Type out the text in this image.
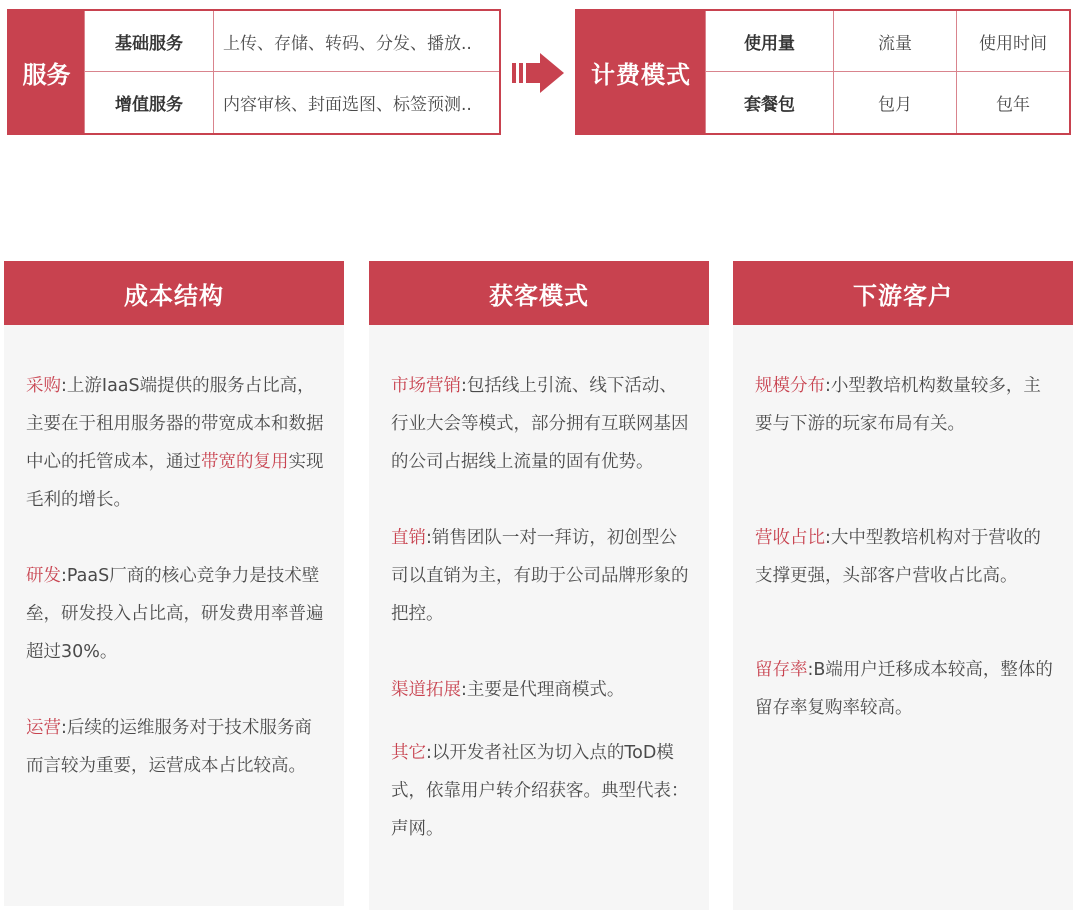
服务
基础服务	上传、存储、转码、分发、播放..
增值服务	内容审核、封面选图、标签预测..
计费模式
使用量	流量	使用时间
套餐包	包月	包年
成本结构
采购:上游IaaS端提供的服务占比高，主要在于租用服务器的带宽成本和数据中心的托管成本，通过带宽的复用实现毛利的增长。
研发:PaaS厂商的核心竞争力是技术壁垒，研发投入占比高，研发费用率普遍超过30%。
运营:后续的运维服务对于技术服务商而言较为重要，运营成本占比较高。
获客模式
市场营销:包括线上引流、线下活动、行业大会等模式，部分拥有互联网基因的公司占据线上流量的固有优势。
直销:销售团队一对一拜访，初创型公司以直销为主，有助于公司品牌形象的把控。
渠道拓展:主要是代理商模式。
其它:以开发者社区为切入点的ToD模式，依靠用户转介绍获客。典型代表：声网。
下游客户
规模分布:小型教培机构数量较多，主要与下游的玩家布局有关。
营收占比:大中型教培机构对于营收的支撑更强，头部客户营收占比高。
留存率:B端用户迁移成本较高，整体的留存率复购率较高。
